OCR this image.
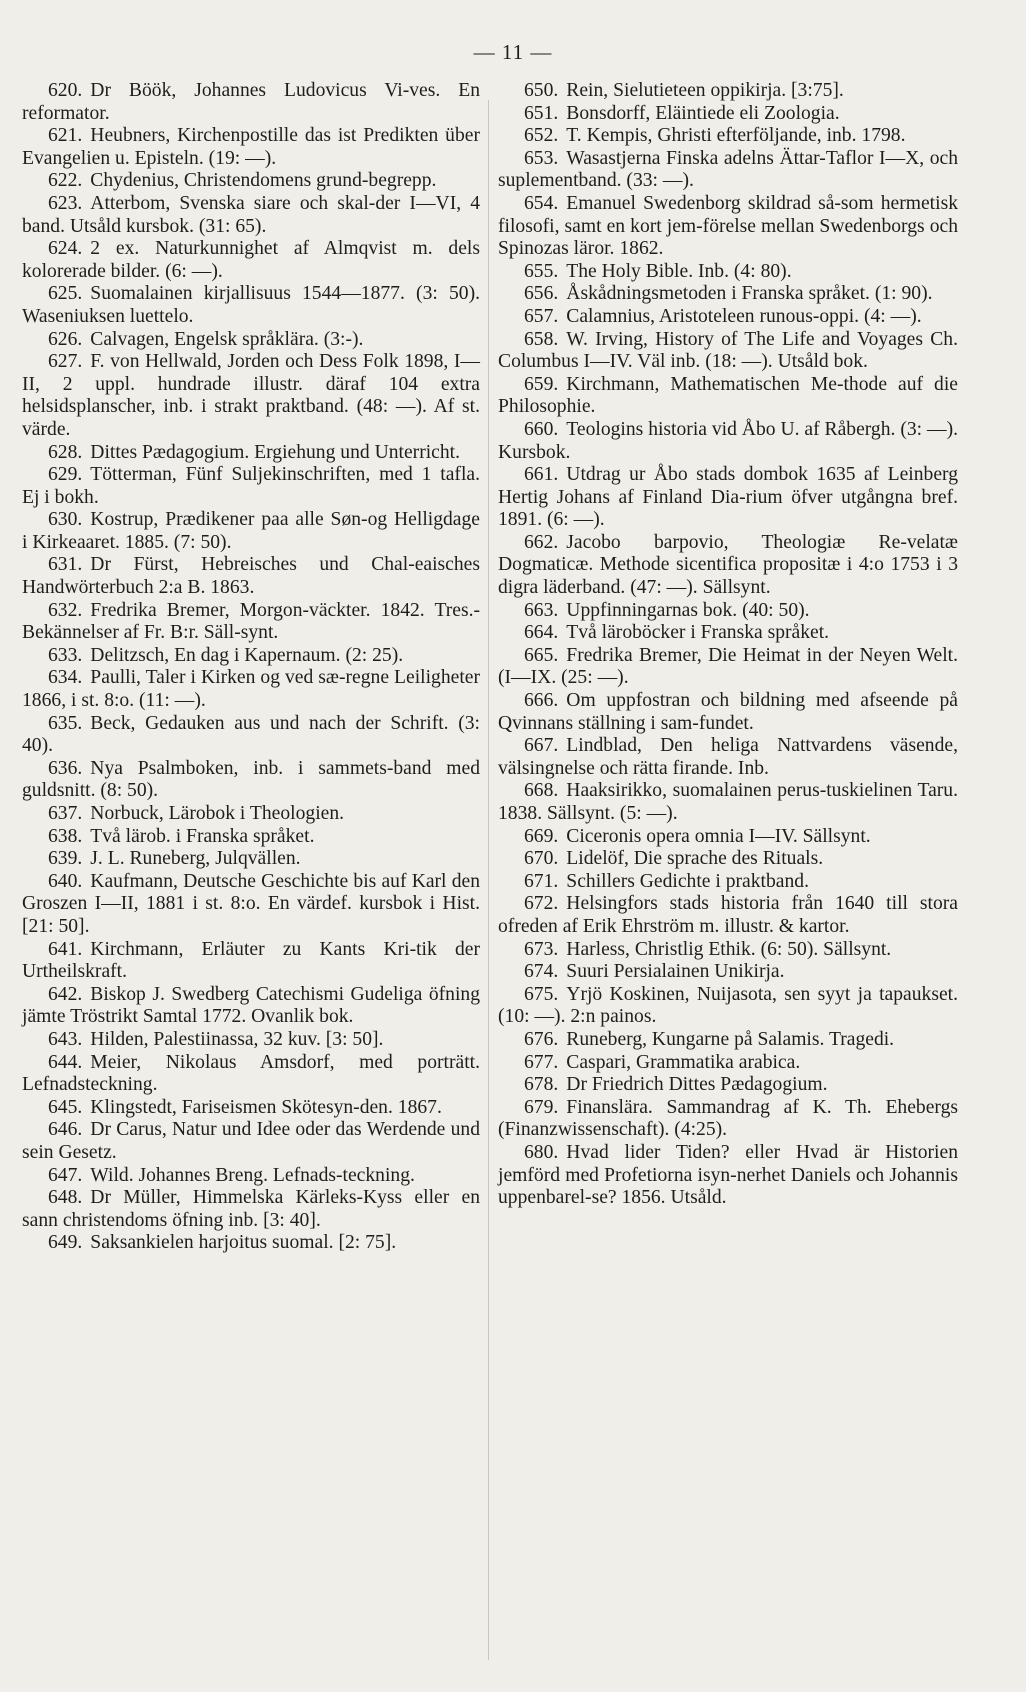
— 11 —

620. Dr Böök, Johannes Ludovicus Vi-ves. En reformator.

621. Heubners, Kirchenpostille das ist Predikten über Evangelien u. Episteln. (19: —).

622. Chydenius, Christendomens grund-begrepp.

623. Atterbom, Svenska siare och skal-der I—VI, 4 band. Utsåld kursbok. (31: 65).

624. 2 ex. Naturkunnighet af Almqvist m. dels kolorerade bilder. (6: —).

625. Suomalainen kirjallisuus 1544—1877. (3: 50). Waseniuksen luettelo.

626. Calvagen, Engelsk språklära. (3:-).

627. F. von Hellwald, Jorden och Dess Folk 1898, I—II, 2 uppl. hundrade illustr. däraf 104 extra helsidsplanscher, inb. i strakt praktband. (48: —). Af st. värde.

628. Dittes Pædagogium. Ergiehung und Unterricht.

629. Tötterman, Fünf Suljekinschriften, med 1 tafla. Ej i bokh.

630. Kostrup, Prædikener paa alle Søn-og Helligdage i Kirkeaaret. 1885. (7: 50).

631. Dr Fürst, Hebreisches und Chal-eaisches Handwörterbuch 2:a B. 1863.

632. Fredrika Bremer, Morgon-väckter. 1842. Tres.-Bekännelser af Fr. B:r. Säll-synt.

633. Delitzsch, En dag i Kapernaum. (2: 25).

634. Paulli, Taler i Kirken og ved sæ-regne Leiligheter 1866, i st. 8:o. (11: —).

635. Beck, Gedauken aus und nach der Schrift. (3: 40).

636. Nya Psalmboken, inb. i sammets-band med guldsnitt. (8: 50).

637. Norbuck, Lärobok i Theologien.

638. Två lärob. i Franska språket.

639. J. L. Runeberg, Julqvällen.

640. Kaufmann, Deutsche Geschichte bis auf Karl den Groszen I—II, 1881 i st. 8:o. En värdef. kursbok i Hist. [21: 50].

641. Kirchmann, Erläuter zu Kants Kri-tik der Urtheilskraft.

642. Biskop J. Swedberg Catechismi Gudeliga öfning jämte Tröstrikt Samtal 1772. Ovanlik bok.

643. Hilden, Palestiinassa, 32 kuv. [3: 50].

644. Meier, Nikolaus Amsdorf, med porträtt. Lefnadsteckning.

645. Klingstedt, Fariseismen Skötesyn-den. 1867.

646. Dr Carus, Natur und Idee oder das Werdende und sein Gesetz.

647. Wild. Johannes Breng. Lefnads-teckning.

648. Dr Müller, Himmelska Kärleks-Kyss eller en sann christendoms öfning inb. [3: 40].

649. Saksankielen harjoitus suomal. [2: 75].

650. Rein, Sielutieteen oppikirja. [3:75].

651. Bonsdorff, Eläintiede eli Zoologia.

652. T. Kempis, Ghristi efterföljande, inb. 1798.

653. Wasastjerna Finska adelns Ättar-Taflor I—X, och suplementband. (33: —).

654. Emanuel Swedenborg skildrad så-som hermetisk filosofi, samt en kort jem-förelse mellan Swedenborgs och Spinozas läror. 1862.

655. The Holy Bible. Inb. (4: 80).

656. Åskådningsmetoden i Franska språket. (1: 90).

657. Calamnius, Aristoteleen runous-oppi. (4: —).

658. W. Irving, History of The Life and Voyages Ch. Columbus I—IV. Väl inb. (18: —). Utsåld bok.

659. Kirchmann, Mathematischen Me-thode auf die Philosophie.

660. Teologins historia vid Åbo U. af Råbergh. (3: —). Kursbok.

661. Utdrag ur Åbo stads dombok 1635 af Leinberg Hertig Johans af Finland Dia-rium öfver utgångna bref. 1891. (6: —).

662. Jacobo barpovio, Theologiæ Re-velatæ Dogmaticæ. Methode sicentifica propositæ i 4:o 1753 i 3 digra läderband. (47: —). Sällsynt.

663. Uppfinningarnas bok. (40: 50).

664. Två läroböcker i Franska språket.

665. Fredrika Bremer, Die Heimat in der Neyen Welt. (I—IX. (25: —).

666. Om uppfostran och bildning med afseende på Qvinnans ställning i sam-fundet.

667. Lindblad, Den heliga Nattvardens väsende, välsingnelse och rätta firande. Inb.

668. Haaksirikko, suomalainen perus-tuskielinen Taru. 1838. Sällsynt. (5: —).

669. Ciceronis opera omnia I—IV. Sällsynt.

670. Lidelöf, Die sprache des Rituals.

671. Schillers Gedichte i praktband.

672. Helsingfors stads historia från 1640 till stora ofreden af Erik Ehrström m. illustr. & kartor.

673. Harless, Christlig Ethik. (6: 50). Sällsynt.

674. Suuri Persialainen Unikirja.

675. Yrjö Koskinen, Nuijasota, sen syyt ja tapaukset. (10: —). 2:n painos.

676. Runeberg, Kungarne på Salamis. Tragedi.

677. Caspari, Grammatika arabica.

678. Dr Friedrich Dittes Pædagogium.

679. Finanslära. Sammandrag af K. Th. Ehebergs (Finanzwissenschaft). (4:25).

680. Hvad lider Tiden? eller Hvad är Historien jemförd med Profetiorna isyn-nerhet Daniels och Johannis uppenbarel-se? 1856. Utsåld.
